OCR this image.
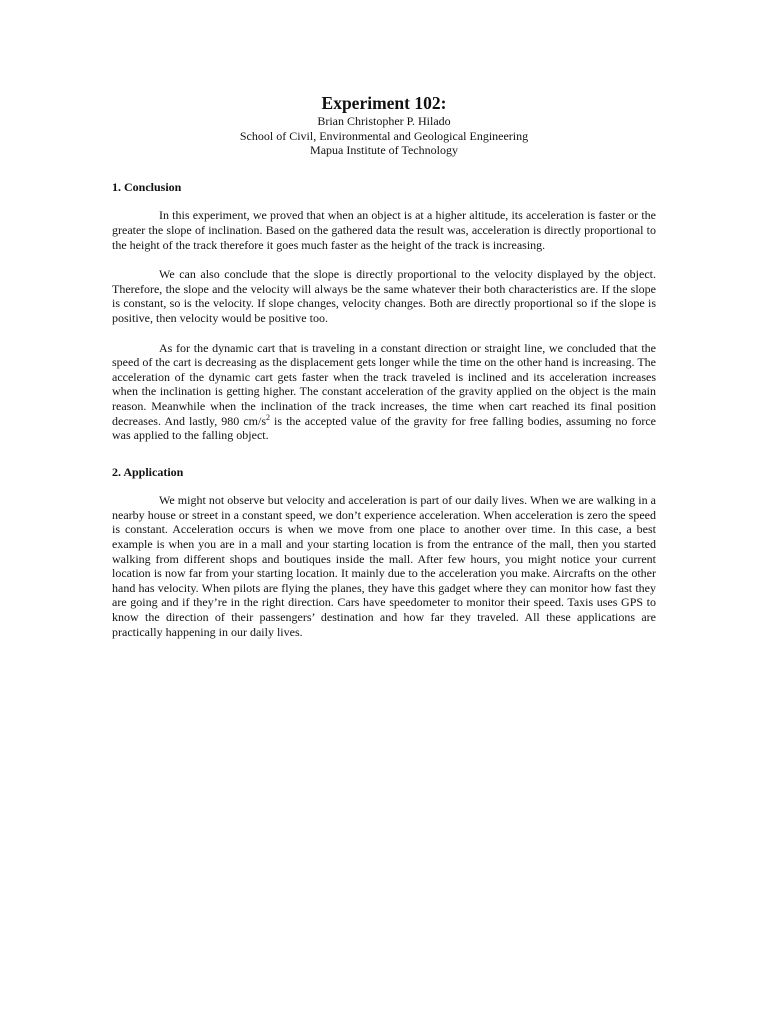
Experiment 102:
Brian Christopher P. Hilado
School of Civil, Environmental and Geological Engineering
Mapua Institute of Technology
1. Conclusion

In this experiment, we proved that when an object is at a higher altitude, its acceleration is faster or the greater the slope of inclination. Based on the gathered data the result was, acceleration is directly proportional to the height of the track therefore it goes much faster as the height of the track is increasing.

We can also conclude that the slope is directly proportional to the velocity displayed by the object. Therefore, the slope and the velocity will always be the same whatever their both characteristics are. If the slope is constant, so is the velocity. If slope changes, velocity changes. Both are directly proportional so if the slope is positive, then velocity would be positive too.

As for the dynamic cart that is traveling in a constant direction or straight line, we concluded that the speed of the cart is decreasing as the displacement gets longer while the time on the other hand is increasing. The acceleration of the dynamic cart gets faster when the track traveled is inclined and its acceleration increases when the inclination is getting higher. The constant acceleration of the gravity applied on the object is the main reason. Meanwhile when the inclination of the track increases, the time when cart reached its final position decreases. And lastly, 980 $cm/s^2$ is the accepted value of the gravity for free falling bodies, assuming no force was applied to the falling object.

2. Application

We might not observe but velocity and acceleration is part of our daily lives. When we are walking in a nearby house or street in a constant speed, we don’t experience acceleration. When acceleration is zero the speed is constant. Acceleration occurs is when we move from one place to another over time. In this case, a best example is when you are in a mall and your starting location is from the entrance of the mall, then you started walking from different shops and boutiques inside the mall. After few hours, you might notice your current location is now far from your starting location. It mainly due to the acceleration you make. Aircrafts on the other hand has velocity. When pilots are flying the planes, they have this gadget where they can monitor how fast they are going and if they’re in the right direction. Cars have speedometer to monitor their speed. Taxis uses GPS to know the direction of their passengers’ destination and how far they traveled. All these applications are practically happening in our daily lives.
